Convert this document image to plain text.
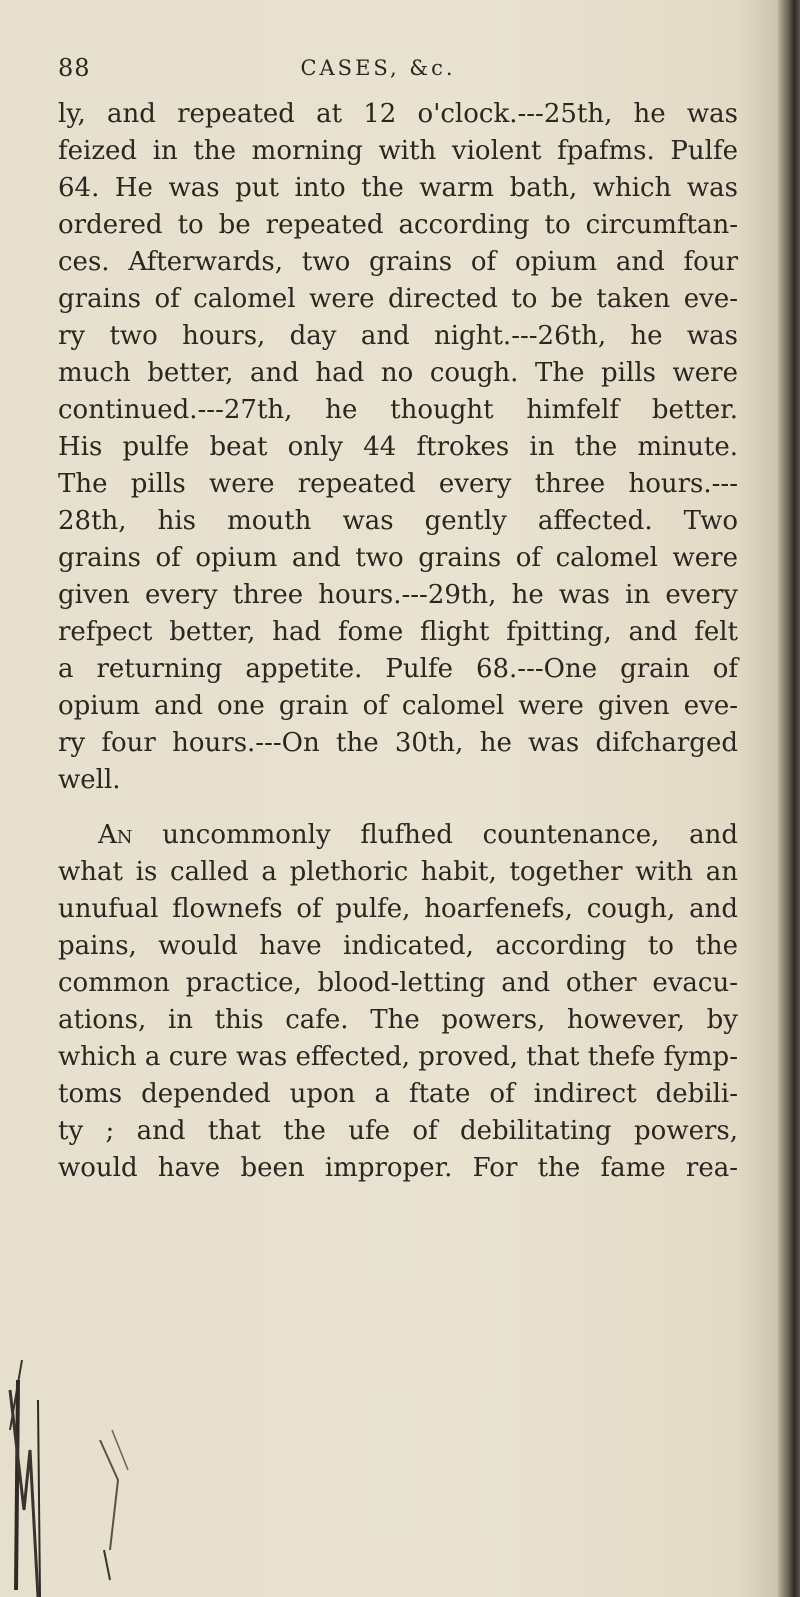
88	CASES, &c.
ly, and repeated at 12 o'clock.---25th, he was
feized in the morning with violent fpafms. Pulfe
64. He was put into the warm bath, which was
ordered to be repeated according to circumftan-
ces. Afterwards, two grains of opium and four
grains of calomel were directed to be taken eve-
ry two hours, day and night.---26th, he was
much better, and had no cough. The pills were
continued.---27th, he thought himfelf better.
His pulfe beat only 44 ftrokes in the minute.
The pills were repeated every three hours.---
28th, his mouth was gently affected. Two
grains of opium and two grains of calomel were
given every three hours.---29th, he was in every
refpect better, had fome flight fpitting, and felt
a returning appetite. Pulfe 68.---One grain of
opium and one grain of calomel were given eve-
ry four hours.---On the 30th, he was difcharged
well.
An uncommonly flufhed countenance, and
what is called a plethoric habit, together with an
unufual flownefs of pulfe, hoarfenefs, cough, and
pains, would have indicated, according to the
common practice, blood-letting and other evacu-
ations, in this cafe. The powers, however, by
which a cure was effected, proved, that thefe fymp-
toms depended upon a ftate of indirect debili-
ty ; and that the ufe of debilitating powers,
would have been improper. For the fame rea-
